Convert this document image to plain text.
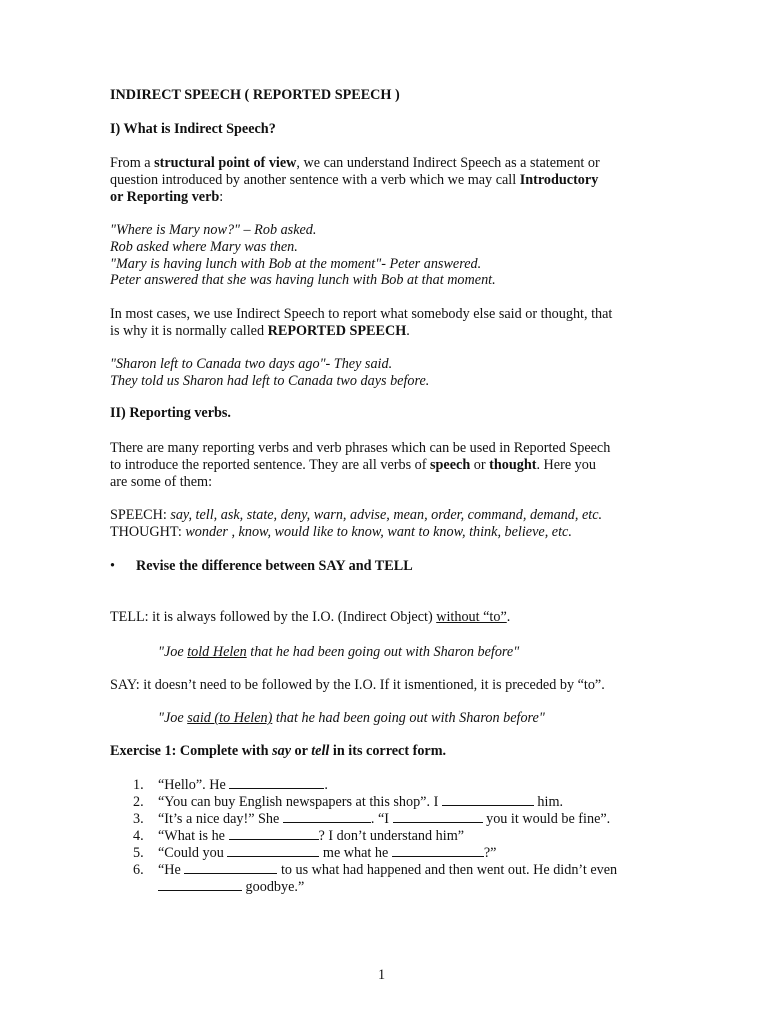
INDIRECT SPEECH ( REPORTED SPEECH )
I) What is Indirect Speech?
From a structural point of view, we can understand Indirect Speech as a statement or
question introduced by another sentence with a verb which we may call Introductory
or Reporting verb:
"Where is Mary now?" – Rob asked.
Rob asked where Mary was then.
"Mary is having lunch with Bob at the moment"- Peter answered.
Peter answered that she was having lunch with Bob at that moment.
In most cases, we use Indirect Speech to report what somebody else said or thought, that
is why it is normally called REPORTED SPEECH.
"Sharon left to Canada two days ago"- They said.
They told us Sharon had left to Canada two days before.
II) Reporting verbs.
There are many reporting verbs and verb phrases which can be used in Reported Speech
to introduce the reported sentence. They are all verbs of speech or thought. Here you
are some of them:
SPEECH: say, tell, ask, state, deny, warn, advise, mean, order, command, demand, etc.
THOUGHT: wonder , know, would like to know, want to know, think, believe, etc.
• Revise the difference between SAY and TELL
TELL: it is always followed by the I.O. (Indirect Object) without “to”.
"Joe told Helen that he had been going out with Sharon before"
SAY: it doesn’t need to be followed by the I.O. If it ismentioned, it is preceded by “to”.
"Joe said (to Helen) that he had been going out with Sharon before"
Exercise 1: Complete with say or tell in its correct form.
1. “Hello”. He	.
2. “You can buy English newspapers at this shop”. I	him.
3. “It’s a nice day!” She	. “I	you it would be fine”.
4. “What is he	? I don’t understand him”
5. “Could you	me what he	?”
6. “He	to us what had happened and then went out. He didn’t even
goodbye.”
1
